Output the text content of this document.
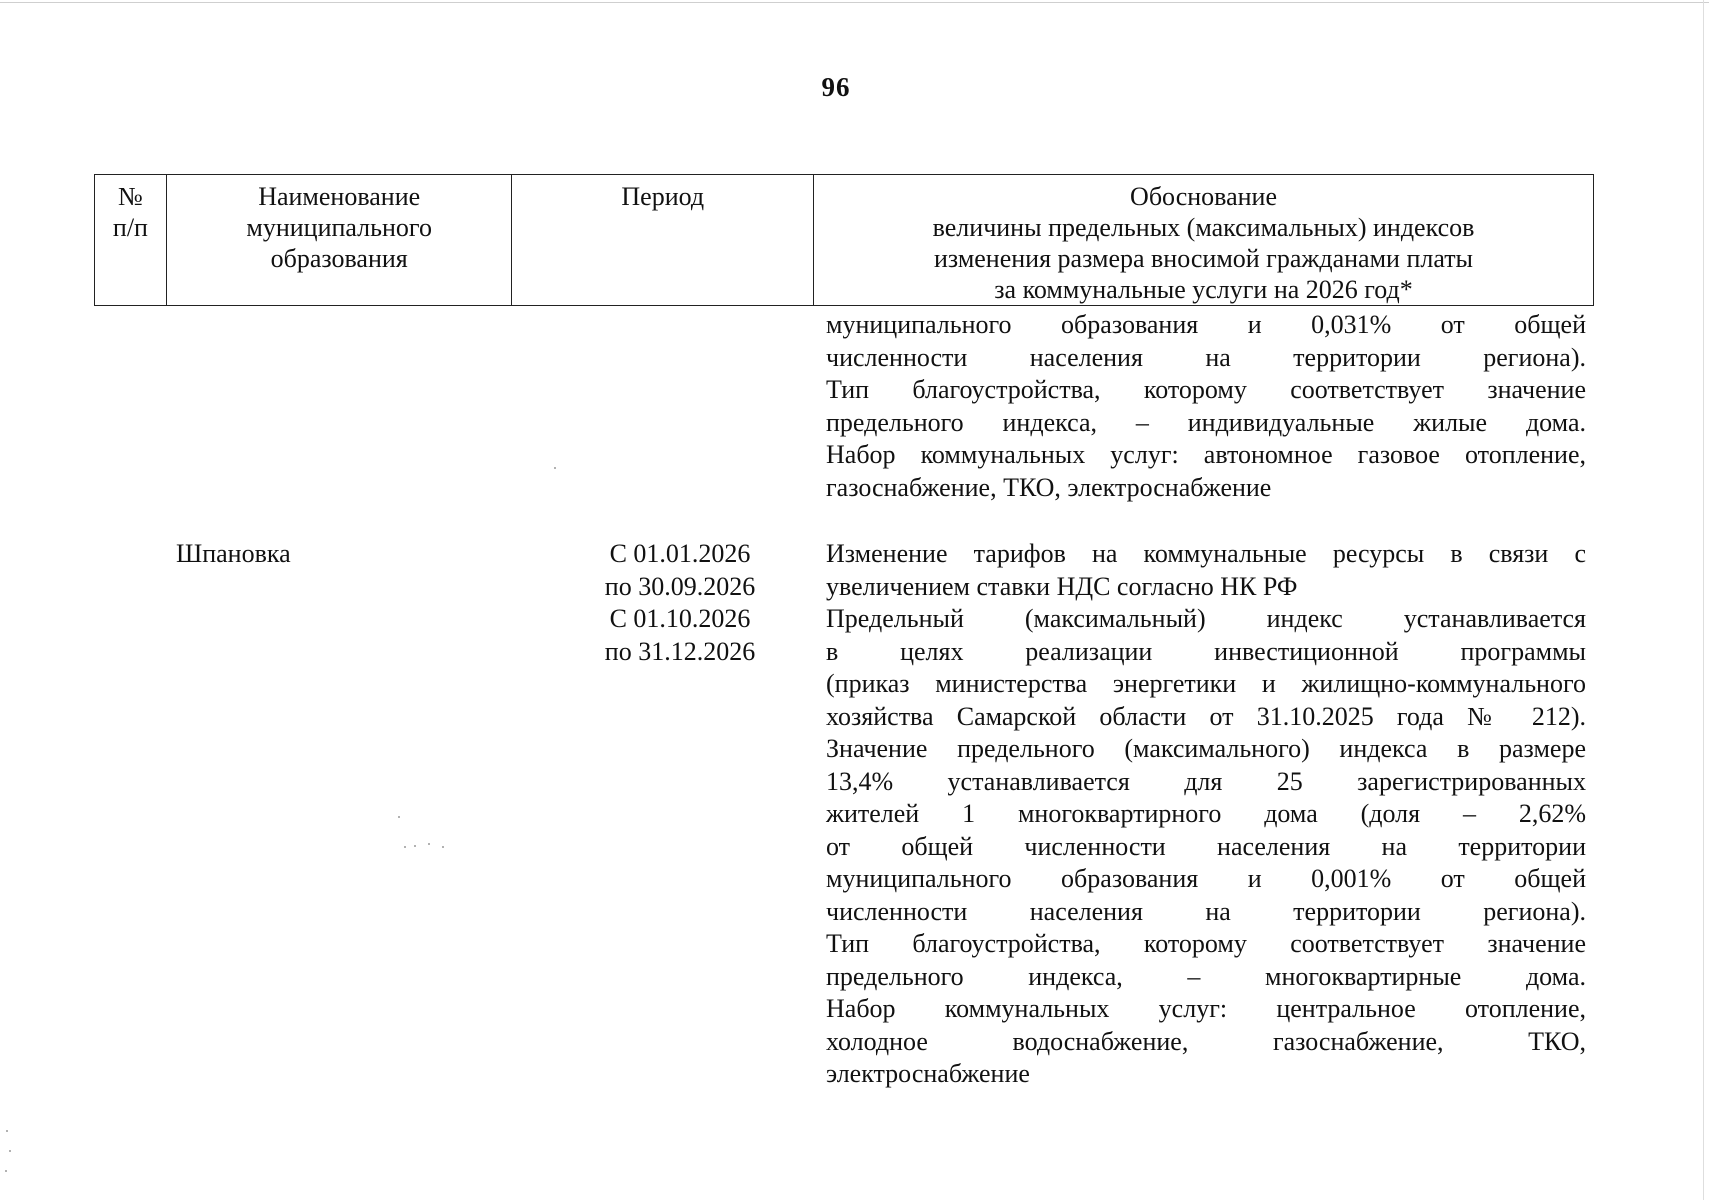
96
№
п/п
Наименование
муниципального
образования
Период	Обоснование
величины предельных (максимальных) индексов
изменения размера вносимой гражданами платы
за коммунальные услуги на 2026 год*
муниципального образования и 0,031% от общей
численности населения на территории региона).
Тип благоустройства, которому соответствует значение
предельного индекса, – индивидуальные жилые дома.
Набор коммунальных услуг: автономное газовое отопление,
газоснабжение, ТКО, электроснабжение
Шпановка	С 01.01.2026
по 30.09.2026
С 01.10.2026
по 31.12.2026
Изменение тарифов на коммунальные ресурсы в связи с
увеличением ставки НДС согласно НК РФ
Предельный (максимальный) индекс устанавливается
в целях реализации инвестиционной программы
(приказ министерства энергетики и жилищно-коммунального
хозяйства Самарской области от 31.10.2025 года № 212).
Значение предельного (максимального) индекса в размере
13,4% устанавливается для 25 зарегистрированных
жителей 1 многоквартирного дома (доля – 2,62%
от общей численности населения на территории
муниципального образования и 0,001% от общей
численности населения на территории региона).
Тип благоустройства, которому соответствует значение
предельного индекса, – многоквартирные дома.
Набор коммунальных услуг: центральное отопление,
холодное водоснабжение, газоснабжение, ТКО,
электроснабжение
